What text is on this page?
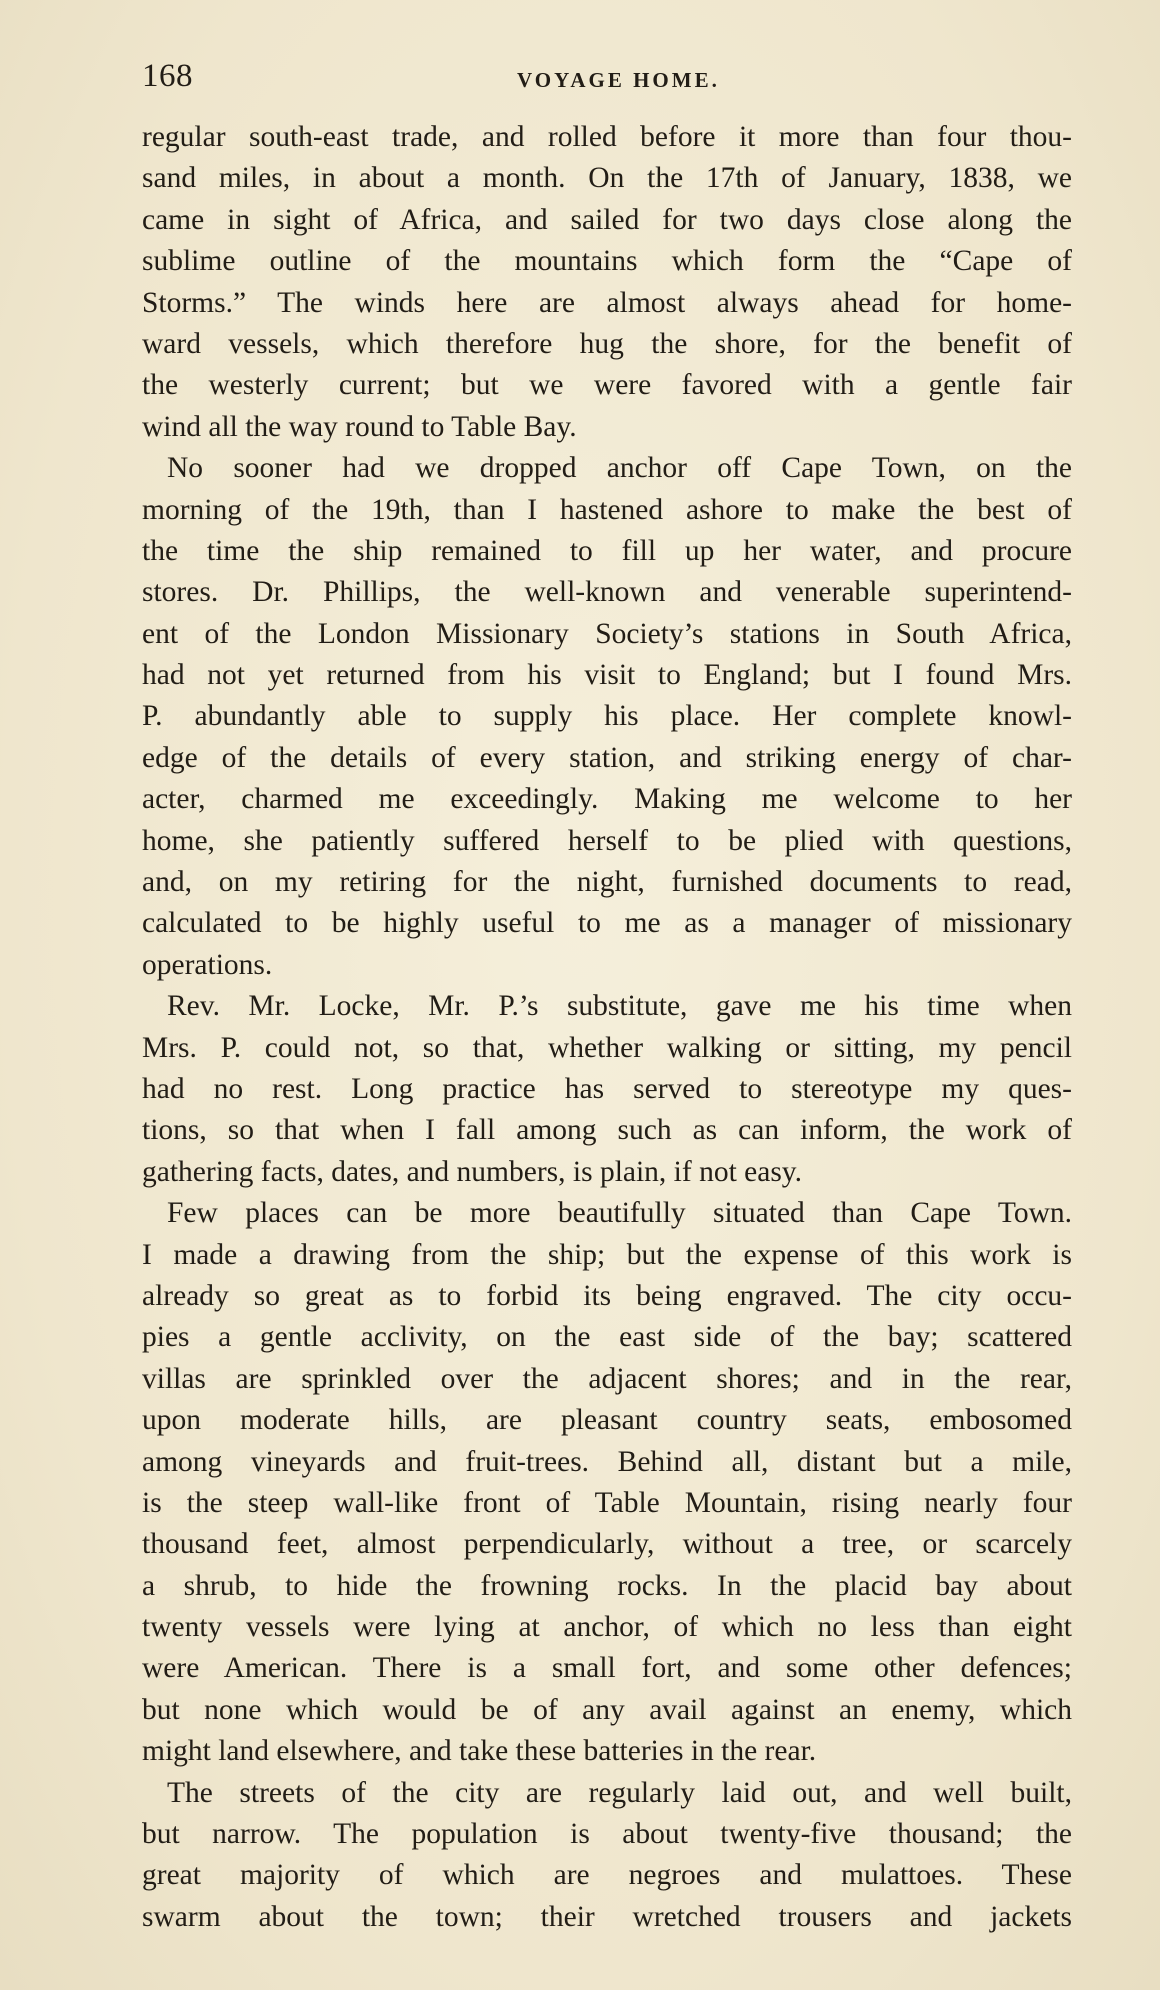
168	VOYAGE HOME.
regular south-east trade, and rolled before it more than four thou-
sand miles, in about a month. On the 17th of January, 1838, we
came in sight of Africa, and sailed for two days close along the
sublime outline of the mountains which form the “Cape of
Storms.” The winds here are almost always ahead for home-
ward vessels, which therefore hug the shore, for the benefit of
the westerly current; but we were favored with a gentle fair
wind all the way round to Table Bay.
No sooner had we dropped anchor off Cape Town, on the
morning of the 19th, than I hastened ashore to make the best of
the time the ship remained to fill up her water, and procure
stores. Dr. Phillips, the well-known and venerable superintend-
ent of the London Missionary Society’s stations in South Africa,
had not yet returned from his visit to England; but I found Mrs.
P. abundantly able to supply his place. Her complete knowl-
edge of the details of every station, and striking energy of char-
acter, charmed me exceedingly. Making me welcome to her
home, she patiently suffered herself to be plied with questions,
and, on my retiring for the night, furnished documents to read,
calculated to be highly useful to me as a manager of missionary
operations.
Rev. Mr. Locke, Mr. P.’s substitute, gave me his time when
Mrs. P. could not, so that, whether walking or sitting, my pencil
had no rest. Long practice has served to stereotype my ques-
tions, so that when I fall among such as can inform, the work of
gathering facts, dates, and numbers, is plain, if not easy.
Few places can be more beautifully situated than Cape Town.
I made a drawing from the ship; but the expense of this work is
already so great as to forbid its being engraved. The city occu-
pies a gentle acclivity, on the east side of the bay; scattered
villas are sprinkled over the adjacent shores; and in the rear,
upon moderate hills, are pleasant country seats, embosomed
among vineyards and fruit-trees. Behind all, distant but a mile,
is the steep wall-like front of Table Mountain, rising nearly four
thousand feet, almost perpendicularly, without a tree, or scarcely
a shrub, to hide the frowning rocks. In the placid bay about
twenty vessels were lying at anchor, of which no less than eight
were American. There is a small fort, and some other defences;
but none which would be of any avail against an enemy, which
might land elsewhere, and take these batteries in the rear.
The streets of the city are regularly laid out, and well built,
but narrow. The population is about twenty-five thousand; the
great majority of which are negroes and mulattoes. These
swarm about the town; their wretched trousers and jackets
